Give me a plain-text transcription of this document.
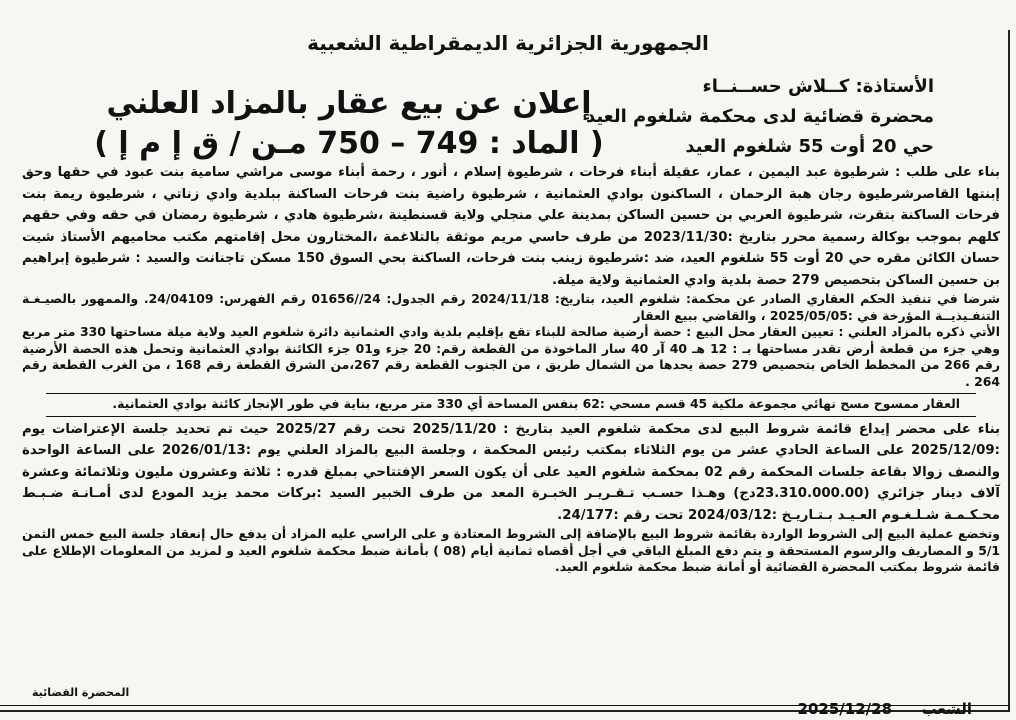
الجمهورية الجزائرية الديمقراطية الشعبية
الأستاذة: كــلاش حســنــاء
محضرة قضائية لدى محكمة شلغوم العيد
حي 20 أوت 55 شلغوم العيد
إعلان عن بيع عقار بالمزاد العلني
( الماد : 749 – 750 مـن / ق إ م إ )

بناء على طلب : شرطيوة عبد اليمين ، عمار، عقيلة أبناء فرحات ، شرطيوة إسلام ، أنور ، رحمة أبناء موسى مراشي سامية بنت عبود في حقها وحق إبنتها القاصرشرطيوة رجان هبة الرحمان ، الساكنون بوادي العثمانية ، شرطيوة راضية بنت فرحات الساكنة ببلدية وادي زناتي ، شرطيوة ريمة بنت فرحات الساكنة بتقرت، شرطيوة العربي بن حسين الساكن بمدينة علي منجلي ولاية قسنطينة ،شرطيوة هادي ، شرطيوة رمضان في حقه وفي حقهم كلهم بموجب بوكالة رسمية محرر بتاريخ :2023/11/30 من طرف حاسي مريم موثقة بالتلاغمة ،المختارون محل إقامتهم مكتب محاميهم الأستاذ شيت حسان الكائن مقره حي 20 أوت 55 شلغوم العيد، ضد :شرطيوة زينب بنت فرحات، الساكنة بحي السوق 150 مسكن تاجنانت والسيد : شرطيوة إبراهيم بن حسين الساكن بتحصيص 279 حصة بلدية وادي العثمانية ولاية ميلة.

شرضا في تنفيذ الحكم العقاري الصادر عن محكمة: شلغوم العيد، بتاريخ: 2024/11/18 رقم الجدول: 24//01656 رقم الفهرس: 24/04109. والممهور بالصيـغـة التنفـيذيــة المؤرخة في :2025/05/05 ، والقاضي ببيع العقار

الأتي ذكره بالمزاد العلني : تعيين العقار محل البيع : حصة أرضية صالحة للبناء تقع بإقليم بلدية وادي العثمانية دائرة شلغوم العيد ولاية ميلة مساحتها 330 متر مربع وهي جزء من قطعة أرض تقدر مساحتها بـ : 12 هـ 40 آر 40 سار الماخوذة من القطعة رقم: 20 جزء و01 جزء الكائنة بوادي العثمانية وتحمل هذه الحصة الأرضية رقم 266 من المخطط الخاص بتحصيص 279 حصة يحدها من الشمال طريق ، من الجنوب القطعة رقم 267،من الشرق القطعة رقم 168 ، من الغرب القطعة رقم 264 .

العقار ممسوح مسح نهائي مجموعة ملكية 45 قسم مسحي :62 بنفس المساحة أي 330 متر مربع، بناية في طور الإنجاز كائنة بوادي العثمانية.

بناء على محضر إيداع قائمة شروط البيع لدى محكمة شلغوم العيد بتاريخ : 2025/11/20 تحت رقم 2025/27 حيث تم تحديد جلسة الإعتراضات يوم :2025/12/09 على الساعة الحادي عشر من يوم الثلاثاء بمكتب رئيس المحكمة ، وجلسة البيع بالمزاد العلني يوم :2026/01/13 على الساعة الواحدة والنصف زوالا بقاعة جلسات المحكمة رقم 02 بمحكمة شلغوم العيد على أن يكون السعر الإفتتاحي بمبلغ قدره : ثلاثة وعشرون مليون وثلاثمائة وعشرة آلاف دينار جزائري (23.310.000.00دج) وهـذا حسـب تـقـريـر الخبـرة المعد من طرف الخبير السيد :بركات محمد يزيد المودع لدى أمـانـة ضـبـط محـكـمـة شـلـغـوم العـيـد بـتـاريـخ :2024/03/12 تحت رقم :24/177.

وتخضع عملية البيع إلى الشروط الواردة بقائمة شروط البيع بالإضافة إلى الشروط المعتادة و على الراسي عليه المزاد أن يدفع حال إنعقاد جلسة البيع خمس الثمن 5/1 و المصاريف والرسوم المستحقة و يتم دفع المبلغ الباقي في أجل أقصاه ثمانية أيام (08 ) بأمانة ضبط محكمة شلغوم العيد و لمزيد من المعلومات الإطلاع على قائمة شروط بمكتب المحضرة القضائية أو أمانة ضبط محكمة شلغوم العيد.

المحضرة القضائية
الشعب
2025/12/28
